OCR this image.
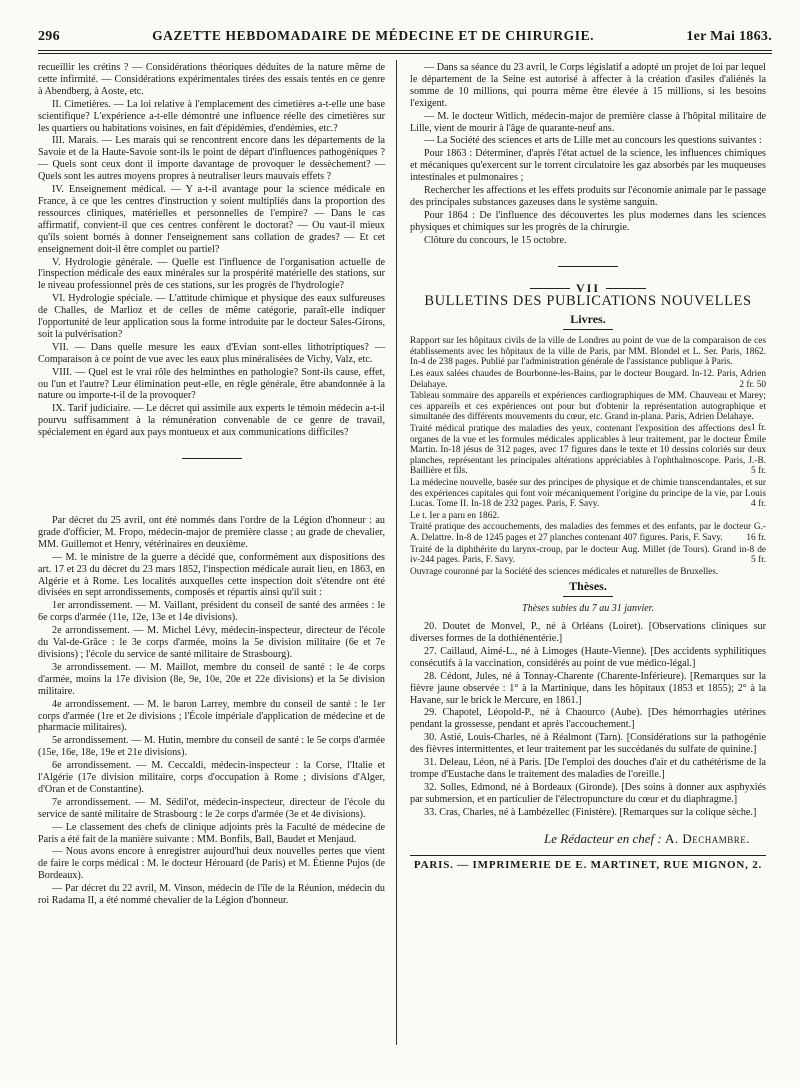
296	GAZETTE HEBDOMADAIRE DE MÉDECINE ET DE CHIRURGIE.	1er Mai 1863.

recueillir les crétins ? — Considérations théoriques déduites de la nature même de cette infirmité. — Considérations expérimentales tirées des essais tentés en ce genre à Abendberg, à Aoste, etc.

II. Cimetières. — La loi relative à l'emplacement des cimetières a-t-elle une base scientifique? L'expérience a-t-elle démontré une influence réelle des cimetières sur les quartiers ou habitations voisines, en fait d'épidémies, d'endémies, etc.?

III. Marais. — Les marais qui se rencontrent encore dans les départements de la Savoie et de la Haute-Savoie sont-ils le point de départ d'influences pathogéniques ? — Quels sont ceux dont il importe davantage de provoquer le dessèchement? — Quels sont les autres moyens propres à neutraliser leurs mauvais effets ?

IV. Enseignement médical. — Y a-t-il avantage pour la science médicale en France, à ce que les centres d'instruction y soient multipliés dans la proportion des ressources cliniques, matérielles et personnelles de l'empire? — Dans le cas affirmatif, convient-il que ces centres confèrent le doctorat? — Ou vaut-il mieux qu'ils soient bornés à donner l'enseignement sans collation de grades? — Et cet enseignement doit-il être complet ou partiel?

V. Hydrologie générale. — Quelle est l'influence de l'organisation actuelle de l'inspection médicale des eaux minérales sur la prospérité matérielle des stations, sur le niveau professionnel près de ces stations, sur les progrès de l'hydrologie?

VI. Hydrologie spéciale. — L'attitude chimique et physique des eaux sulfureuses de Challes, de Marlioz et de celles de même catégorie, paraît-elle indiquer l'opportunité de leur application sous la forme introduite par le docteur Sales-Girons, soit la pulvérisation?

VII. — Dans quelle mesure les eaux d'Evian sont-elles lithotriptiques? — Comparaison à ce point de vue avec les eaux plus minéralisées de Vichy, Valz, etc.

VIII. — Quel est le vrai rôle des helminthes en pathologie? Sont-ils cause, effet, ou l'un et l'autre? Leur élimination peut-elle, en règle générale, être abandonnée à la nature ou importe-t-il de la provoquer?

IX. Tarif judiciaire. — Le décret qui assimile aux experts le témoin médecin a-t-il pourvu suffisamment à la rémunération convenable de ce genre de travail, spécialement en égard aux pays montueux et aux communications difficiles?

Par décret du 25 avril, ont été nommés dans l'ordre de la Légion d'honneur : au grade d'officier, M. Fropo, médecin-major de première classe ; au grade de chevalier, MM. Guillemot et Henry, vétérinaires en deuxième.

— M. le ministre de la guerre a décidé que, conformément aux dispositions des art. 17 et 23 du décret du 23 mars 1852, l'inspection médicale aurait lieu, en 1863, en Algérie et à Rome. Les localités auxquelles cette inspection doit s'étendre ont été divisées en sept arrondissements, composés et répartis ainsi qu'il suit :

1er arrondissement. — M. Vaillant, président du conseil de santé des armées : le 6e corps d'armée (11e, 12e, 13e et 14e divisions).

2e arrondissement. — M. Michel Lévy, médecin-inspecteur, directeur de l'école du Val-de-Grâce : le 3e corps d'armée, moins la 5e division militaire (6e et 7e divisions) ; l'école du service de santé militaire de Strasbourg).

3e arrondissement. — M. Maillot, membre du conseil de santé : le 4e corps d'armée, moins la 17e division (8e, 9e, 10e, 20e et 22e divisions) et la 5e division militaire.

4e arrondissement. — M. le baron Larrey, membre du conseil de santé : le 1er corps d'armée (1re et 2e divisions ; l'École impériale d'application de médecine et de pharmacie militaires).

5e arrondissement. — M. Hutin, membre du conseil de santé : le 5e corps d'armée (15e, 16e, 18e, 19e et 21e divisions).

6e arrondissement. — M. Ceccaldi, médecin-inspecteur : la Corse, l'Italie et l'Algérie (17e division militaire, corps d'occupation à Rome ; divisions d'Alger, d'Oran et de Constantine).

7e arrondissement. — M. Sédil'ot, médecin-inspecteur, directeur de l'école du service de santé militaire de Strasbourg : le 2e corps d'armée (3e et 4e divisions).

— Le classement des chefs de clinique adjoints près la Faculté de médecine de Paris a été fait de la manière suivante : MM. Bonfils, Ball, Baudet et Menjaud.

— Nous avons encore à enregistrer aujourd'hui deux nouvelles pertes que vient de faire le corps médical : M. le docteur Hérouard (de Paris) et M. Étienne Pujos (de Bordeaux).

— Par décret du 22 avril, M. Vinson, médecin de l'île de la Réunion, médecin du roi Radama II, a été nommé chevalier de la Légion d'honneur.

— Dans sa séance du 23 avril, le Corps législatif a adopté un projet de loi par lequel le département de la Seine est autorisé à affecter à la création d'asiles d'aliénés la somme de 10 millions, qui pourra même être élevée à 15 millions, si les besoins l'exigent.

— M. le docteur Witlich, médecin-major de première classe à l'hôpital militaire de Lille, vient de mourir à l'âge de quarante-neuf ans.

— La Société des sciences et arts de Lille met au concours les questions suivantes :

Pour 1863 : Déterminer, d'après l'état actuel de la science, les influences chimiques et mécaniques qu'exercent sur le torrent circulatoire les gaz absorbés par les muqueuses intestinales et pulmonaires ;

Rechercher les affections et les effets produits sur l'économie animale par le passage des principales substances gazeuses dans le système sanguin.

Pour 1864 : De l'influence des découvertes les plus modernes dans les sciences physiques et chimiques sur les progrès de la chirurgie.

Clôture du concours, le 15 octobre.

VII
BULLETINS DES PUBLICATIONS NOUVELLES
Livres.

Rapport sur les hôpitaux civils de la ville de Londres au point de vue de la comparaison de ces établissements avec les hôpitaux de la ville de Paris, par MM. Blondel et L. Ser. Paris, 1862. In-4 de 238 pages. Publié par l'administration générale de l'assistance publique à Paris.

Les eaux salées chaudes de Bourbonne-les-Bains, par le docteur Bougard. In-12. Paris, Adrien Delahaye.	2 fr. 50

Tableau sommaire des appareils et expériences cardiographiques de MM. Chauveau et Marey; ces appareils et ces expériences ont pour but d'obtenir la représentation autographique et simultanée des différents mouvements du cœur, etc. Grand in-plana. Paris, Adrien Delahaye.
1 fr.

Traité médical pratique des maladies des yeux, contenant l'exposition des affections des organes de la vue et les formules médicales applicables à leur traitement, par le docteur Émile Martin. In-18 jésus de 312 pages, avec 17 figures dans le texte et 10 dessins coloriés sur deux planches, représentant les principales altérations appréciables à l'ophthalmoscope. Paris, J.-B. Baillière et fils.	5 fr.

La médecine nouvelle, basée sur des principes de physique et de chimie transcendantales, et sur des expériences capitales qui font voir mécaniquement l'origine du principe de la vie, par Louis Lucas. Tome II. In-18 de 232 pages. Paris, F. Savy.	4 fr.

Le t. Ier a paru en 1862.

Traité pratique des accouchements, des maladies des femmes et des enfants, par le docteur G.-A. Delattre. In-8 de 1245 pages et 27 planches contenant 407 figures. Paris, F. Savy.	16 fr.

Traité de la diphthérite du larynx-croup, par le docteur Aug. Millet (de Tours). Grand in-8 de iv-244 pages. Paris, F. Savy.	5 fr.

Ouvrage couronné par la Société des sciences médicales et naturelles de Bruxelles.

Thèses.
Thèses subies du 7 au 31 janvier.

20. Doutet de Monvel, P., né à Orléans (Loiret). [Observations cliniques sur diverses formes de la dothiénentérie.]

27. Caillaud, Aimé-L., né à Limoges (Haute-Vienne). [Des accidents syphilitiques consécutifs à la vaccination, considérés au point de vue médico-légal.]

28. Cédont, Jules, né à Tonnay-Charente (Charente-Inférieure). [Remarques sur la fièvre jaune observée : 1° à la Martinique, dans les hôpitaux (1853 et 1855); 2° à la Havane, sur le brick le Mercure, en 1861.]

29. Chapotel, Léopold-P., né à Chaourco (Aube). [Des hémorrhagies utérines pendant la grossesse, pendant et après l'accouchement.]

30. Astié, Louis-Charles, né à Réalmont (Tarn). [Considérations sur la pathogénie des fièvres intermittentes, et leur traitement par les succédanés du sulfate de quinine.]

31. Deleau, Léon, né à Paris. [De l'emploi des douches d'air et du cathétérisme de la trompe d'Eustache dans le traitement des maladies de l'oreille.]

32. Solles, Edmond, né à Bordeaux (Gironde). [Des soins à donner aux asphyxiés par submersion, et en particulier de l'électropuncture du cœur et du diaphragme.]

33. Cras, Charles, né à Lambézellec (Finistère). [Remarques sur la colique sèche.]

Le Rédacteur en chef : A. Dechambre.
PARIS. — IMPRIMERIE DE E. MARTINET, RUE MIGNON, 2.
